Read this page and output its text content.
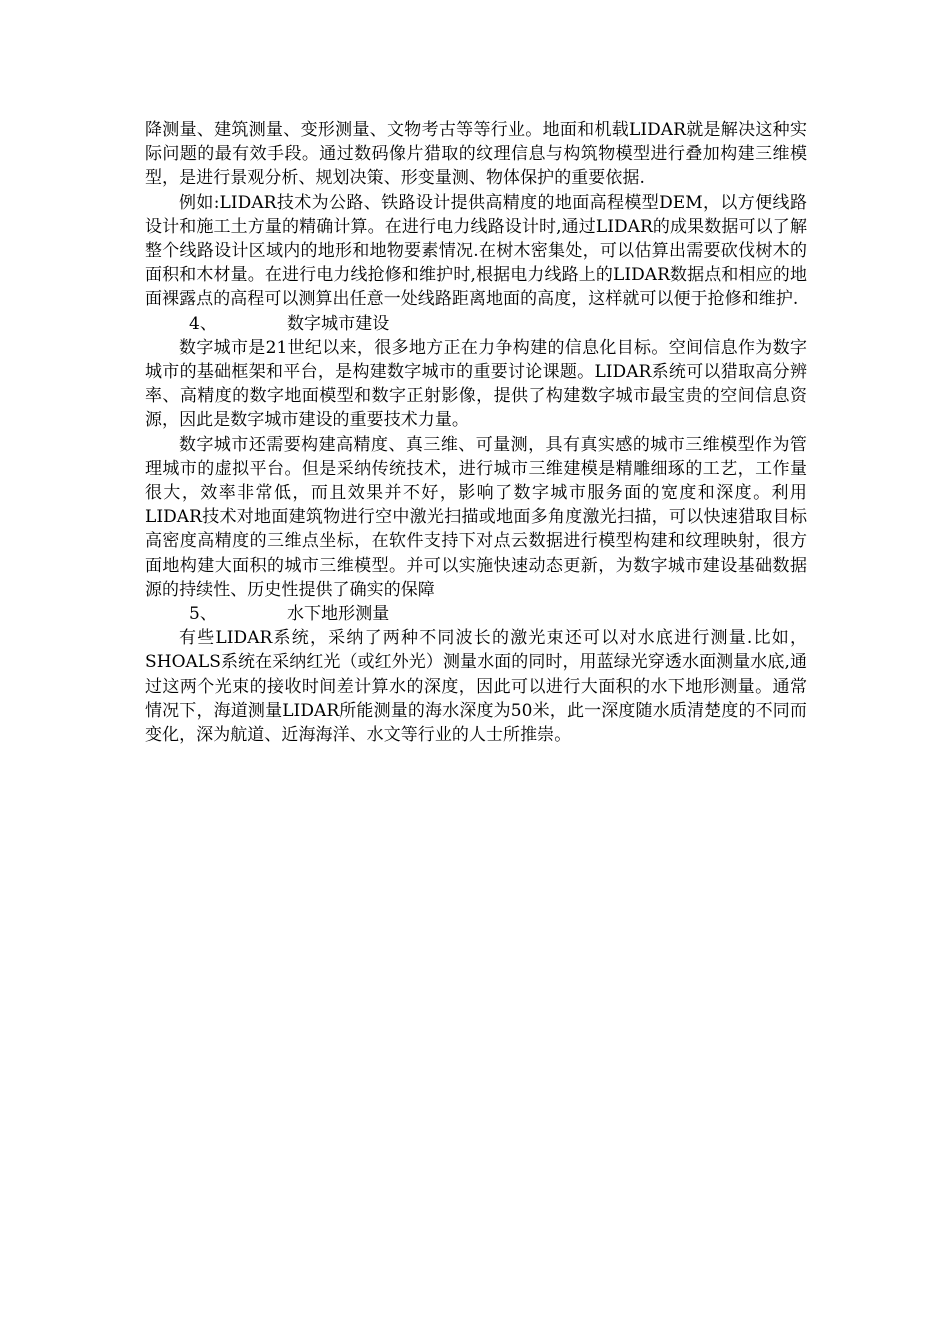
降测量、建筑测量、变形测量、文物考古等等行业。地面和机载LIDAR就是解决这种实际问题的最有效手段。通过数码像片猎取的纹理信息与构筑物模型进行叠加构建三维模型，是进行景观分析、规划决策、形变量测、物体保护的重要依据.

例如:LIDAR技术为公路、铁路设计提供高精度的地面高程模型DEM，以方便线路设计和施工土方量的精确计算。在进行电力线路设计时,通过LIDAR的成果数据可以了解整个线路设计区域内的地形和地物要素情况.在树木密集处，可以估算出需要砍伐树木的面积和木材量。在进行电力线抢修和维护时,根据电力线路上的LIDAR数据点和相应的地面裸露点的高程可以测算出任意一处线路距离地面的高度，这样就可以便于抢修和维护.

4、	数字城市建设

数字城市是21世纪以来，很多地方正在力争构建的信息化目标。空间信息作为数字城市的基础框架和平台，是构建数字城市的重要讨论课题。LIDAR系统可以猎取高分辨率、高精度的数字地面模型和数字正射影像，提供了构建数字城市最宝贵的空间信息资源，因此是数字城市建设的重要技术力量。

数字城市还需要构建高精度、真三维、可量测，具有真实感的城市三维模型作为管理城市的虚拟平台。但是采纳传统技术，进行城市三维建模是精雕细琢的工艺，工作量很大，效率非常低，而且效果并不好，影响了数字城市服务面的宽度和深度。利用LIDAR技术对地面建筑物进行空中激光扫描或地面多角度激光扫描，可以快速猎取目标高密度高精度的三维点坐标，在软件支持下对点云数据进行模型构建和纹理映射，很方面地构建大面积的城市三维模型。并可以实施快速动态更新，为数字城市建设基础数据源的持续性、历史性提供了确实的保障

5、	水下地形测量

有些LIDAR系统，采纳了两种不同波长的激光束还可以对水底进行测量.比如，SHOALS系统在采纳红光（或红外光）测量水面的同时，用蓝绿光穿透水面测量水底,通过这两个光束的接收时间差计算水的深度，因此可以进行大面积的水下地形测量。通常情况下，海道测量LIDAR所能测量的海水深度为50米，此一深度随水质清楚度的不同而变化，深为航道、近海海洋、水文等行业的人士所推崇。
